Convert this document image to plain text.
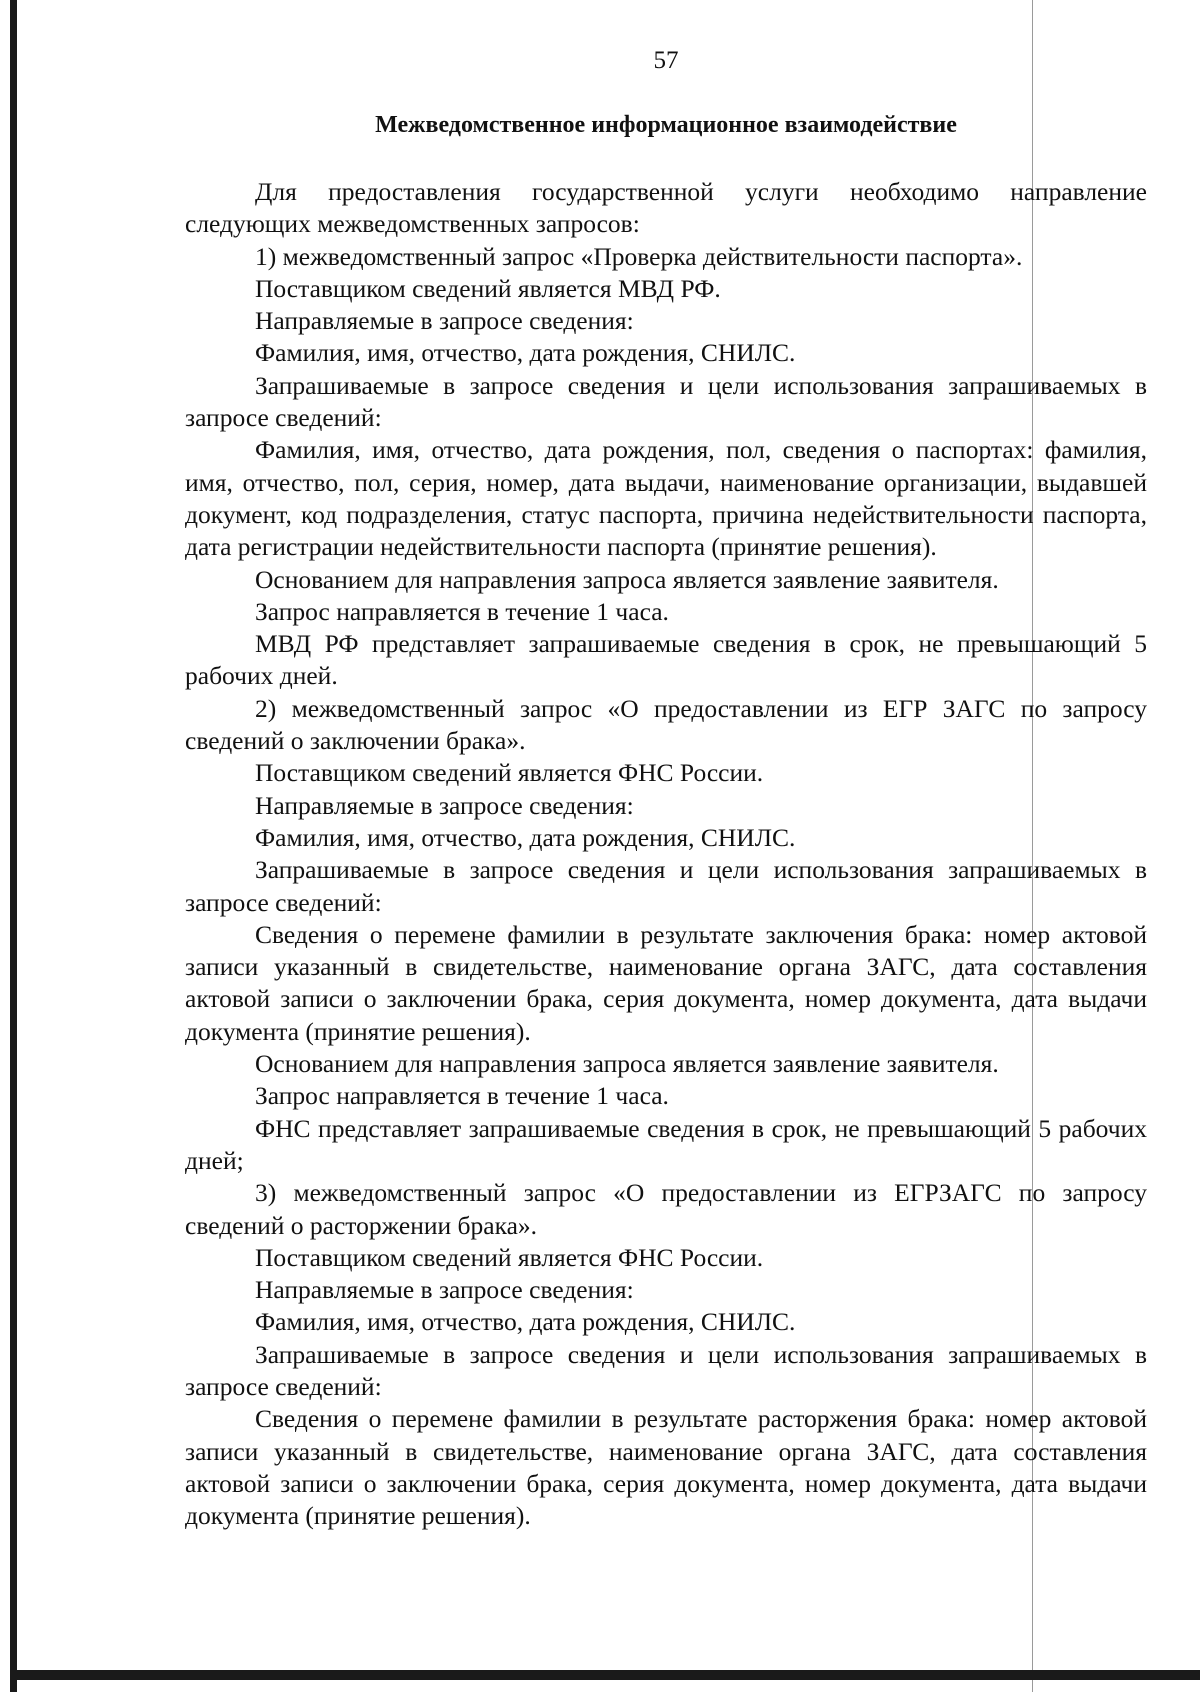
57
Межведомственное информационное взаимодействие

Для предоставления государственной услуги необходимо направление следующих межведомственных запросов:

1) межведомственный запрос «Проверка действительности паспорта».

Поставщиком сведений является МВД РФ.

Направляемые в запросе сведения:

Фамилия, имя, отчество, дата рождения, СНИЛС.

Запрашиваемые в запросе сведения и цели использования запрашиваемых в запросе сведений:

Фамилия, имя, отчество, дата рождения, пол, сведения о паспортах: фамилия, имя, отчество, пол, серия, номер, дата выдачи, наименование организации, выдавшей документ, код подразделения, статус паспорта, причина недействительности паспорта, дата регистрации недействительности паспорта (принятие решения).

Основанием для направления запроса является заявление заявителя.

Запрос направляется в течение 1 часа.

МВД РФ представляет запрашиваемые сведения в срок, не превышающий 5 рабочих дней.

2) межведомственный запрос «О предоставлении из ЕГР ЗАГС по запросу сведений о заключении брака».

Поставщиком сведений является ФНС России.

Направляемые в запросе сведения:

Фамилия, имя, отчество, дата рождения, СНИЛС.

Запрашиваемые в запросе сведения и цели использования запрашиваемых в запросе сведений:

Сведения о перемене фамилии в результате заключения брака: номер актовой записи указанный в свидетельстве, наименование органа ЗАГС, дата составления актовой записи о заключении брака, серия документа, номер документа, дата выдачи документа (принятие решения).

Основанием для направления запроса является заявление заявителя.

Запрос направляется в течение 1 часа.

ФНС представляет запрашиваемые сведения в срок, не превышающий 5 рабочих дней;

3) межведомственный запрос «О предоставлении из ЕГРЗАГС по запросу сведений о расторжении брака».

Поставщиком сведений является ФНС России.

Направляемые в запросе сведения:

Фамилия, имя, отчество, дата рождения, СНИЛС.

Запрашиваемые в запросе сведения и цели использования запрашиваемых в запросе сведений:

Сведения о перемене фамилии в результате расторжения брака: номер актовой записи указанный в свидетельстве, наименование органа ЗАГС, дата составления актовой записи о заключении брака, серия документа, номер документа, дата выдачи документа (принятие решения).
